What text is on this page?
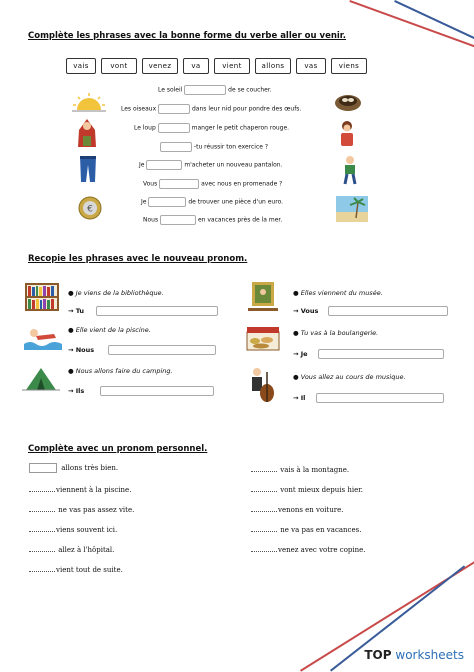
Complète les phrases avec la bonne forme du verbe aller ou venir.
vais	vont	venez	va	vient	allons	vas	viens
€
Le soleil	de se coucher.
Les oiseaux	dans leur nid pour pondre des œufs.
Le loup	manger le petit chaperon rouge.
-tu réussir ton exercice ?
Je	m'acheter un nouveau pantalon.
Vous	avec nous en promenade ?
Je	de trouver une pièce d'un euro.
Nous	en vacances près de la mer.
Recopie les phrases avec le nouveau pronom.
● Je viens de la bibliothèque.
→ Tu
● Elles viennent du musée.
→ Vous
● Elle vient de la piscine.
→ Nous
● Tu vas à la boulangerie.
→ Je
● Nous allons faire du camping.
→ Ils
● Vous allez au cours de musique.
→ Il
Complète avec un pronom personnel.
allons très bien.
viennent à la piscine.
ne vas pas assez vite.
viens souvent ici.
allez à l'hôpital.
vient tout de suite.
vais à la montagne.
vont mieux depuis hier.
venons en voiture.
ne va pas en vacances.
venez avec votre copine.
TOP worksheets
